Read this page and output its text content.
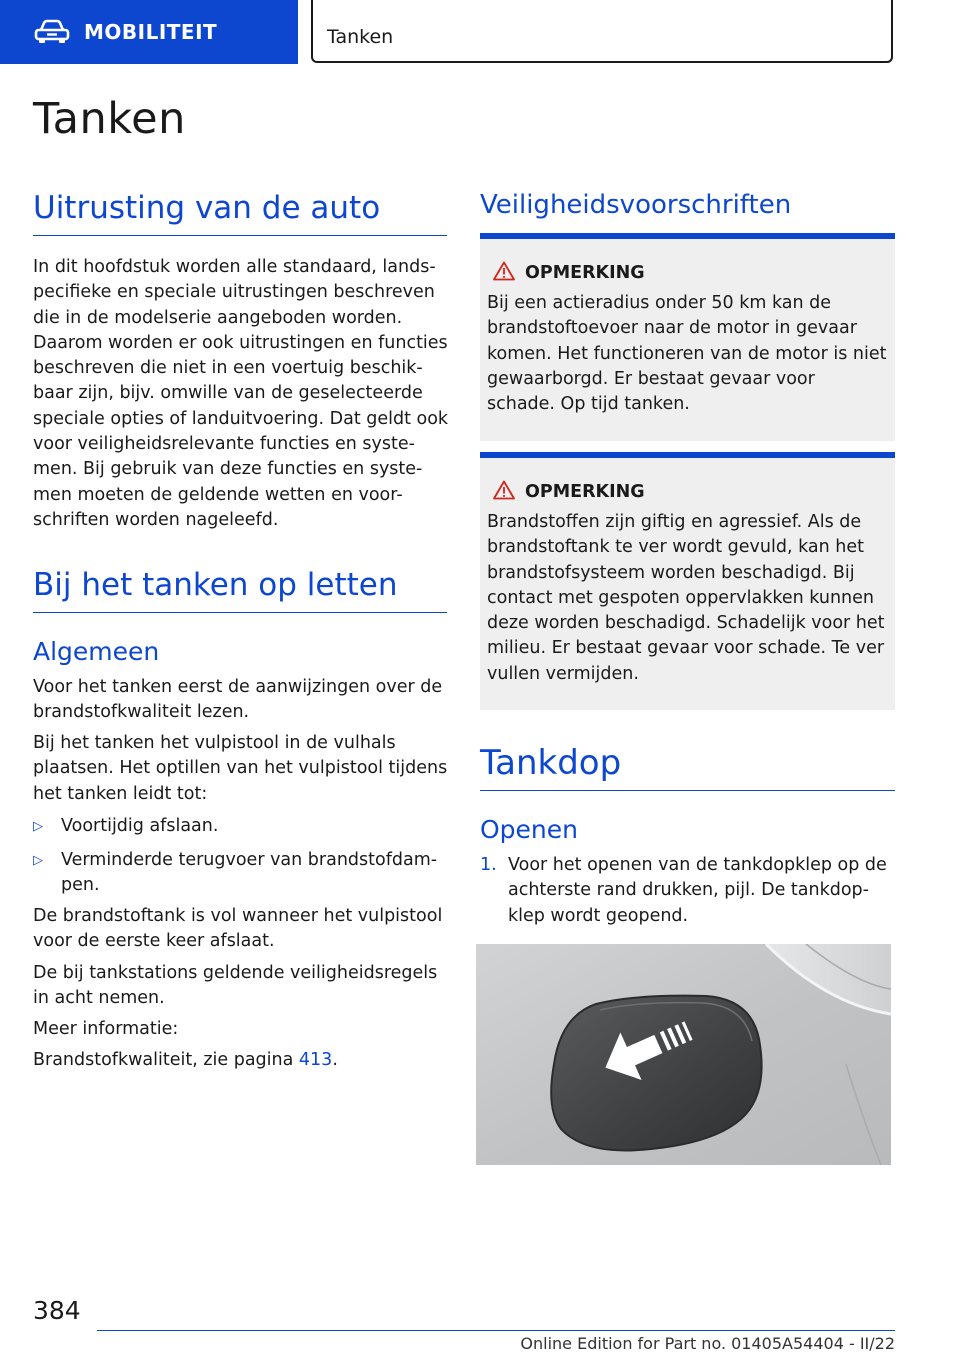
MOBILITEIT	Tanken
Tanken
Uitrusting van de auto
In dit hoofdstuk worden alle standaard, lands-
pecifieke en speciale uitrustingen beschreven
die in de modelserie aangeboden worden.
Daarom worden er ook uitrustingen en functies
beschreven die niet in een voertuig beschik-
baar zijn, bijv. omwille van de geselecteerde
speciale opties of landuitvoering. Dat geldt ook
voor veiligheidsrelevante functies en syste-
men. Bij gebruik van deze functies en syste-
men moeten de geldende wetten en voor-
schriften worden nageleefd.
Bij het tanken op letten
Algemeen
Voor het tanken eerst de aanwijzingen over de
brandstofkwaliteit lezen.
Bij het tanken het vulpistool in de vulhals
plaatsen. Het optillen van het vulpistool tijdens
het tanken leidt tot:
▷ Voortijdig afslaan.
▷ Verminderde terugvoer van brandstofdam-
pen.
De brandstoftank is vol wanneer het vulpistool
voor de eerste keer afslaat.
De bij tankstations geldende veiligheidsregels
in acht nemen.
Meer informatie:
Brandstofkwaliteit, zie pagina 413.
Veiligheidsvoorschriften
OPMERKING
Bij een actieradius onder 50 km kan de
brandstoftoevoer naar de motor in gevaar
komen. Het functioneren van de motor is niet
gewaarborgd. Er bestaat gevaar voor
schade. Op tijd tanken.
OPMERKING
Brandstoffen zijn giftig en agressief. Als de
brandstoftank te ver wordt gevuld, kan het
brandstofsysteem worden beschadigd. Bij
contact met gespoten oppervlakken kunnen
deze worden beschadigd. Schadelijk voor het
milieu. Er bestaat gevaar voor schade. Te ver
vullen vermijden.
Tankdop
Openen
1. Voor het openen van de tankdopklep op de
achterste rand drukken, pijl. De tankdop-
klep wordt geopend.
384
Online Edition for Part no. 01405A54404 - II/22
